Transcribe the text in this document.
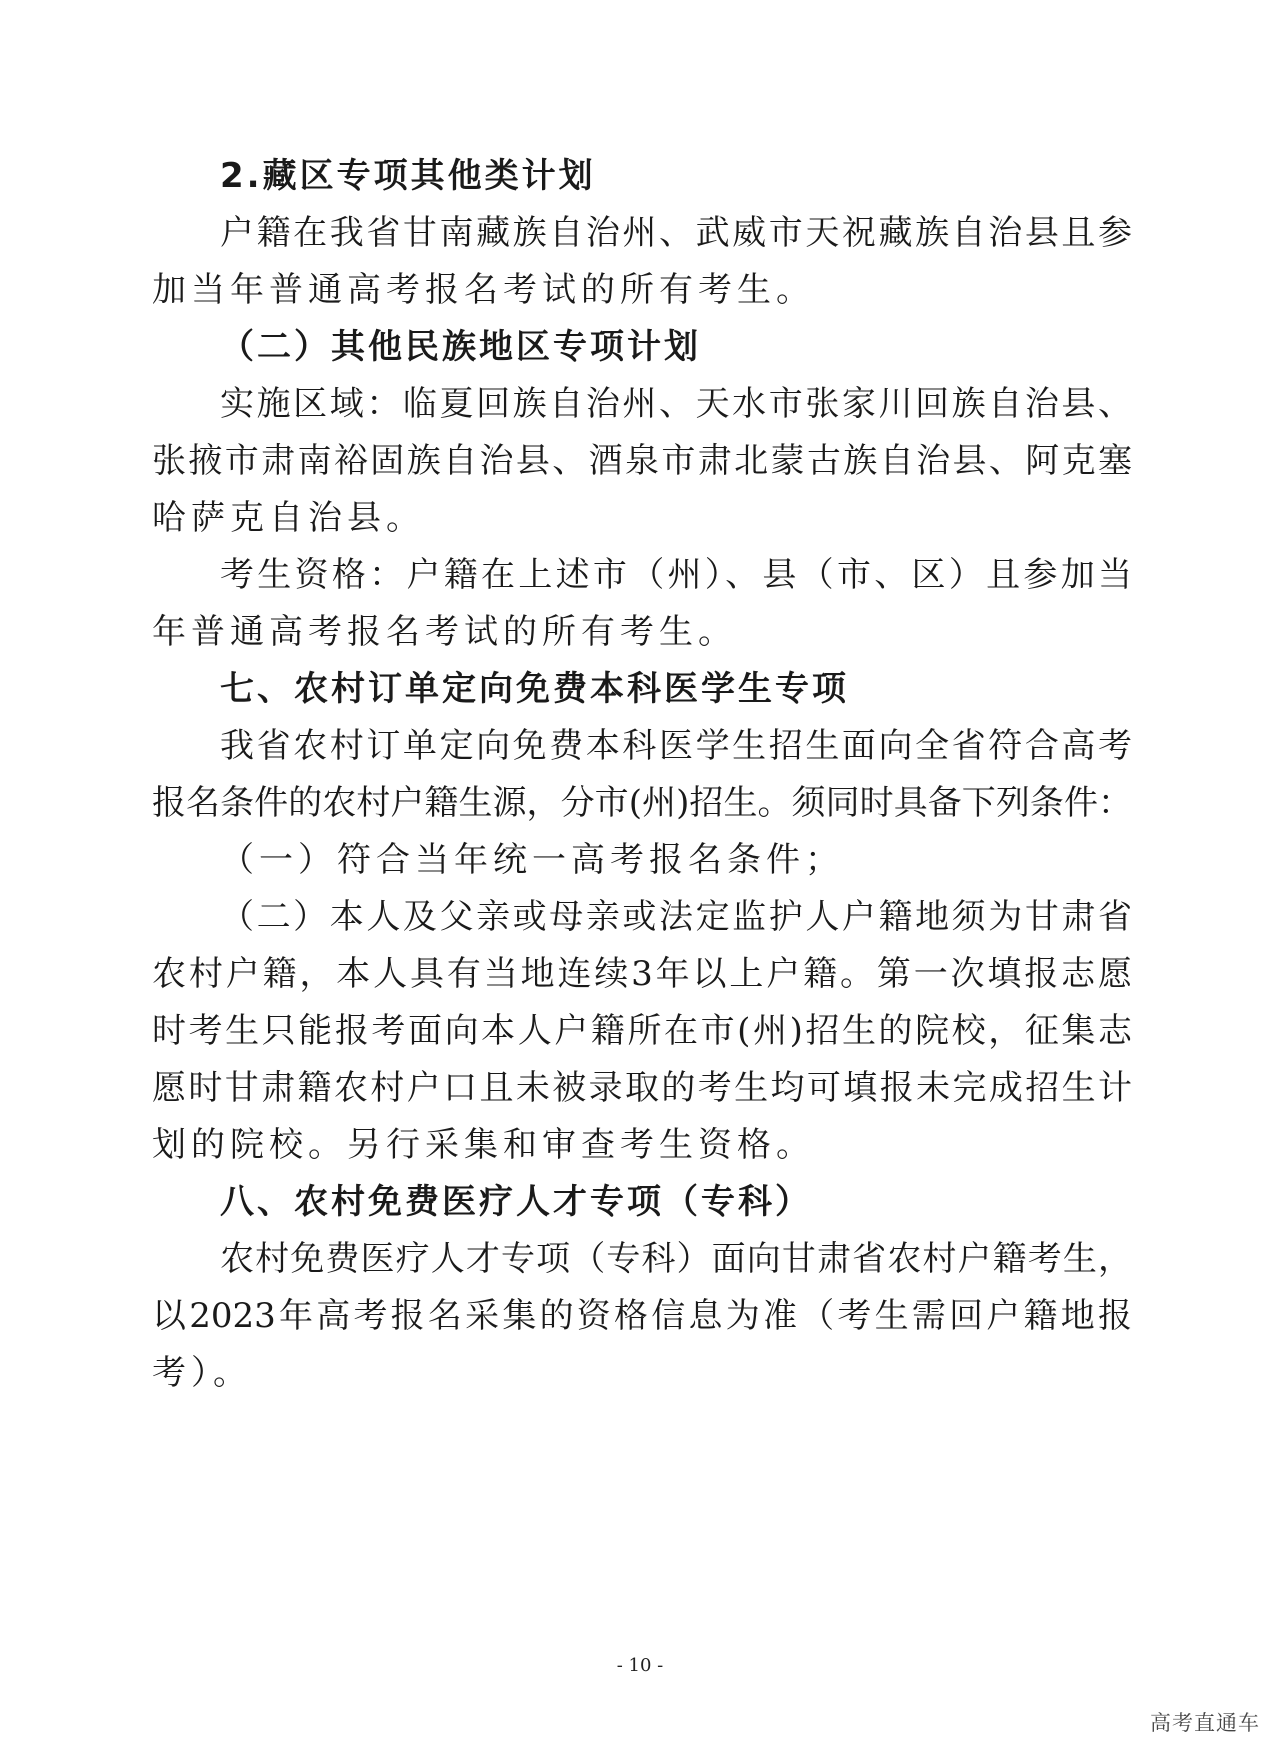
2.藏区专项其他类计划
户籍在我省甘南藏族自治州、武威市天祝藏族自治县且参
加当年普通高考报名考试的所有考生。
（二）其他民族地区专项计划
实施区域：临夏回族自治州、天水市张家川回族自治县、
张掖市肃南裕固族自治县、酒泉市肃北蒙古族自治县、阿克塞
哈萨克自治县。
考生资格：户籍在上述市（州）、县（市、区）且参加当
年普通高考报名考试的所有考生。
七、农村订单定向免费本科医学生专项
我省农村订单定向免费本科医学生招生面向全省符合高考
报名条件的农村户籍生源，分市(州)招生。须同时具备下列条件：
（一）符合当年统一高考报名条件；
（二）本人及父亲或母亲或法定监护人户籍地须为甘肃省
农村户籍，本人具有当地连续3年以上户籍。第一次填报志愿
时考生只能报考面向本人户籍所在市(州)招生的院校，征集志
愿时甘肃籍农村户口且未被录取的考生均可填报未完成招生计
划的院校。另行采集和审查考生资格。
八、农村免费医疗人才专项（专科）
农村免费医疗人才专项（专科）面向甘肃省农村户籍考生，
以2023年高考报名采集的资格信息为准（考生需回户籍地报
考）。
- 10 -
高考直通车
